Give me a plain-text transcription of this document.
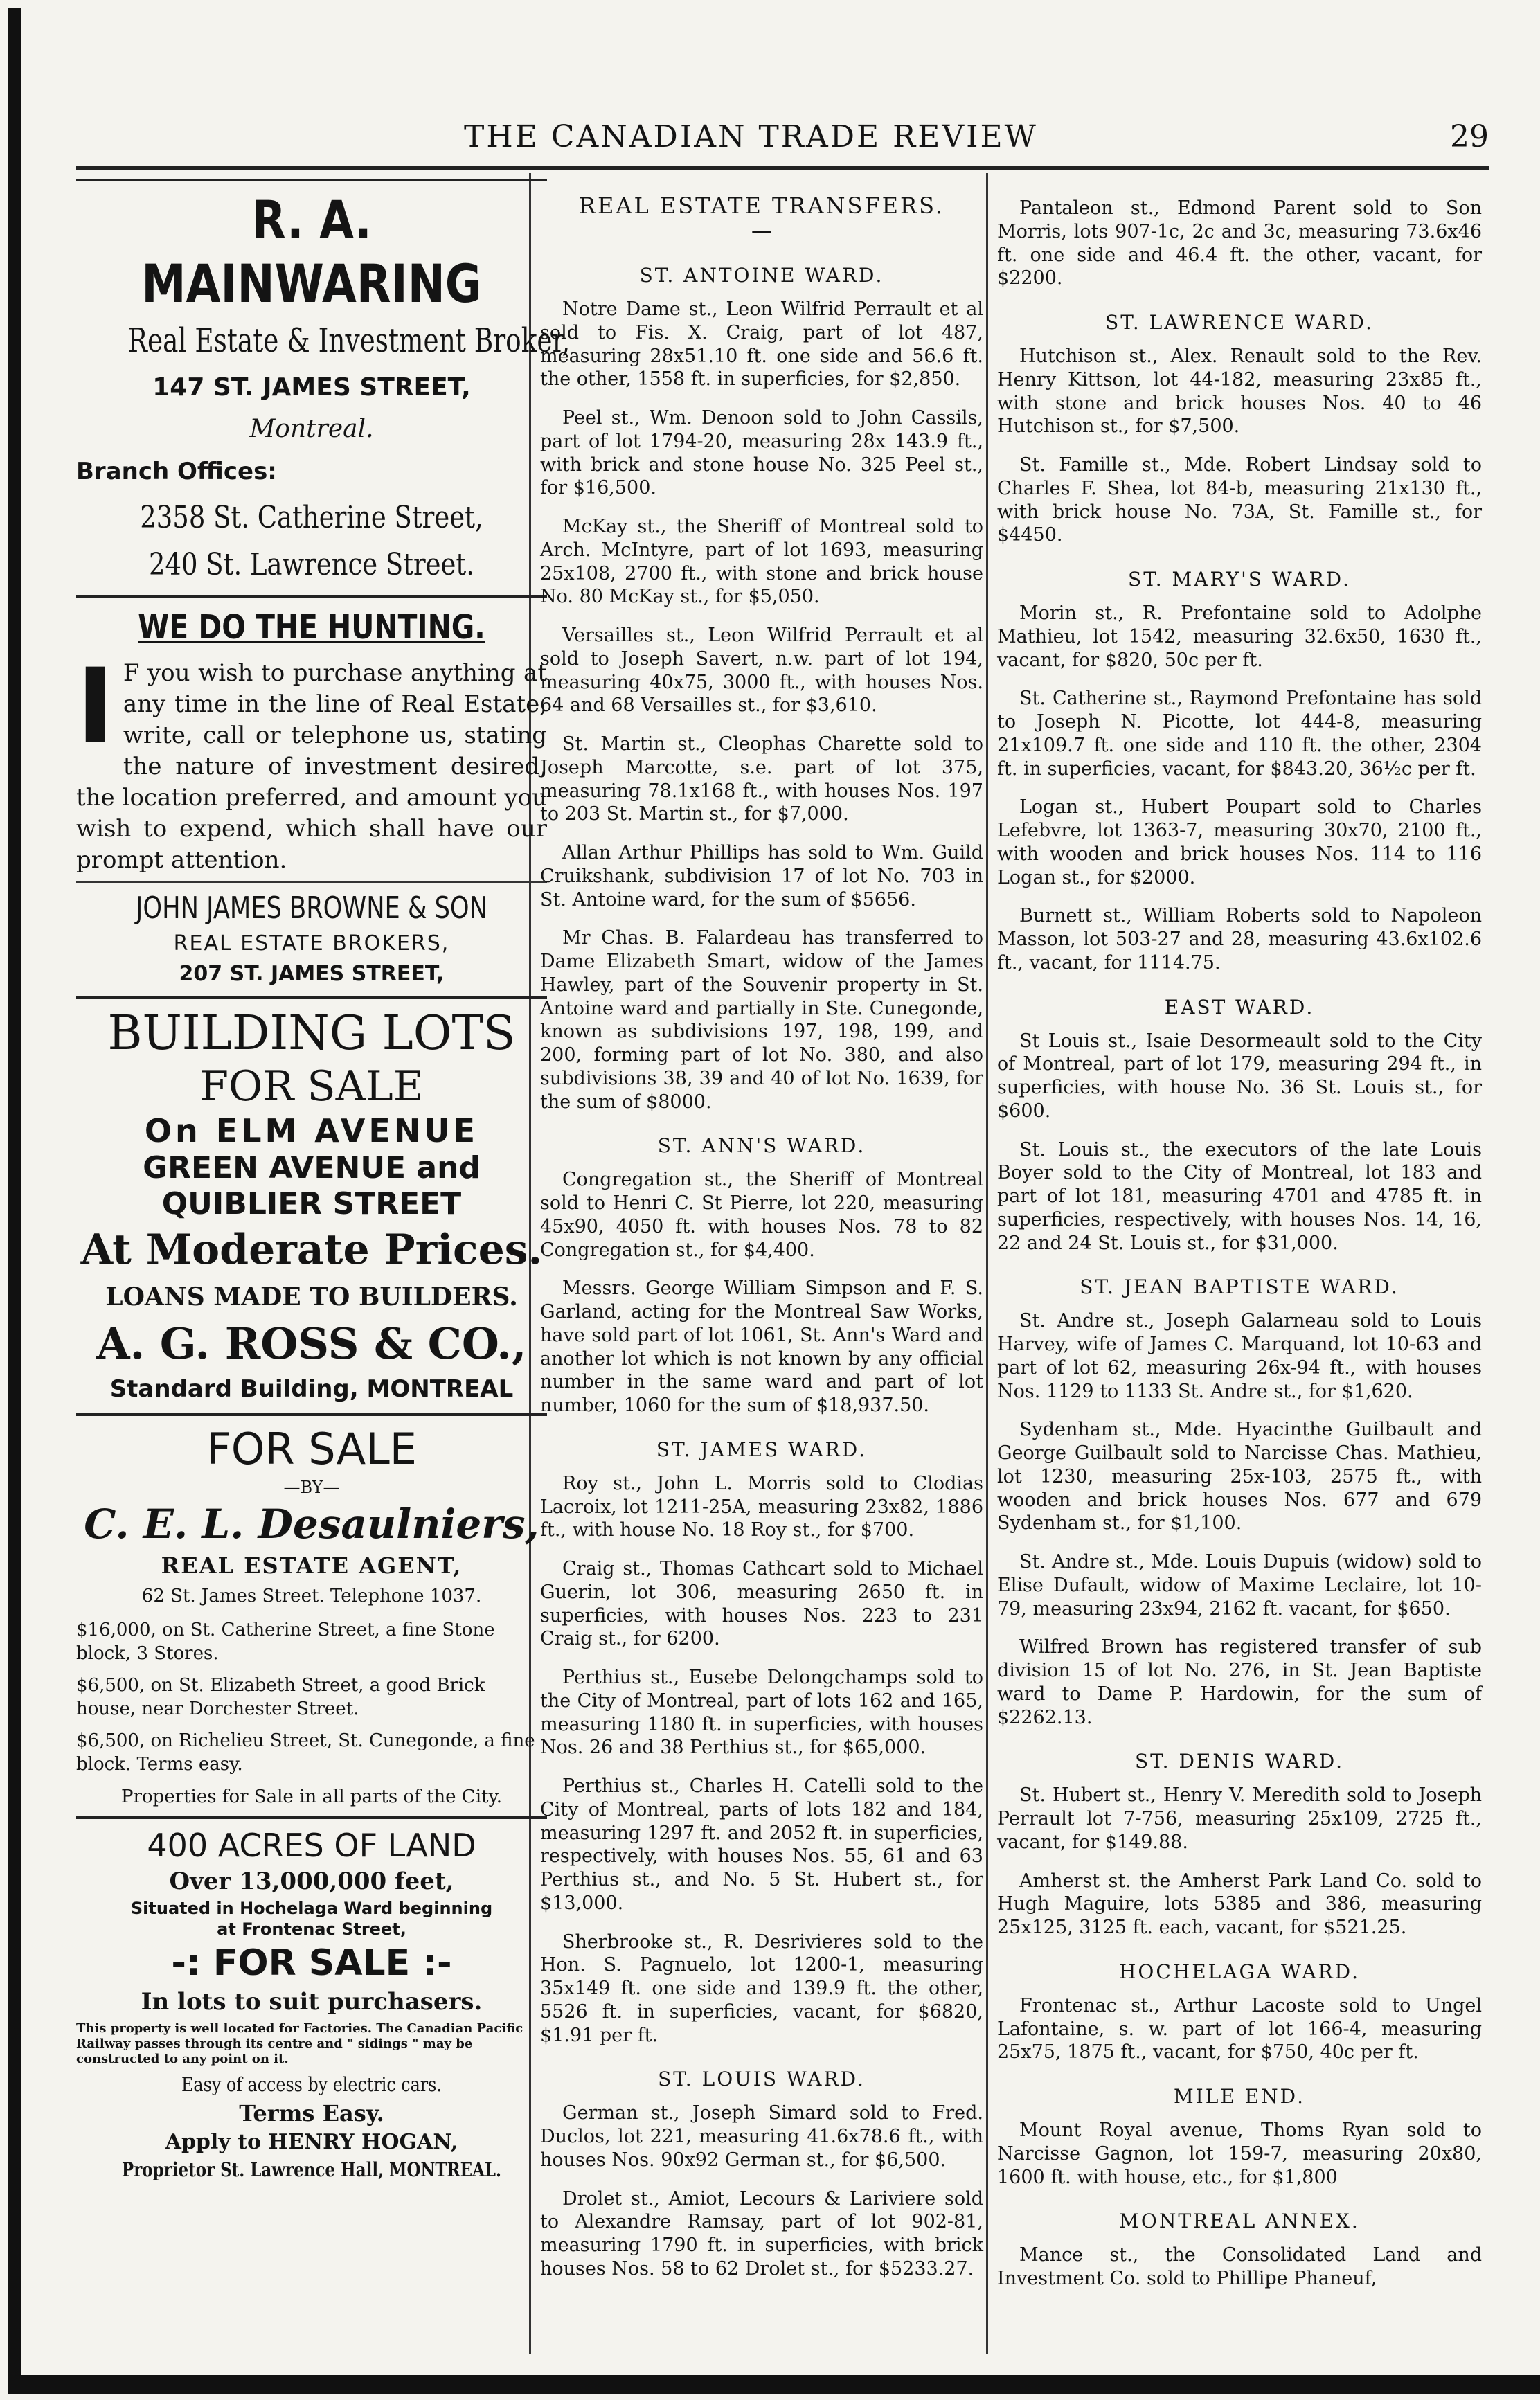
THE CANADIAN TRADE REVIEW	29
R. A. MAINWARING
Real Estate & Investment Broker,
147 ST. JAMES STREET,
Montreal.
Branch Offices:
2358 St. Catherine Street,
240 St. Lawrence Street.
WE DO THE HUNTING.
I F you wish to purchase anything at any time in the line of Real Estate, write, call or telephone us, stating the nature of investment desired, the location preferred, and amount you wish to expend, which shall have our prompt attention.
JOHN JAMES BROWNE & SON
REAL ESTATE BROKERS,
207 ST. JAMES STREET,
BUILDING LOTS
FOR SALE
On ELM AVENUE
GREEN AVENUE and
QUIBLIER STREET
At Moderate Prices.
LOANS MADE TO BUILDERS.
A. G. ROSS & CO.,
Standard Building, MONTREAL
FOR SALE
—BY—
C. E. L. Desaulniers,
REAL ESTATE AGENT,
62 St. James Street. Telephone 1037.
$16,000, on St. Catherine Street, a fine Stone block, 3 Stores.
$6,500, on St. Elizabeth Street, a good Brick house, near Dorchester Street.
$6,500, on Richelieu Street, St. Cunegonde, a fine block. Terms easy.
Properties for Sale in all parts of the City.
400 ACRES OF LAND
Over 13,000,000 feet,
Situated in Hochelaga Ward beginning
at Frontenac Street,
-: FOR SALE :-
In lots to suit purchasers.
This property is well located for Factories. The Canadian Pacific Railway passes through its centre and " sidings " may be constructed to any point on it.
Easy of access by electric cars.
Terms Easy.
Apply to HENRY HOGAN,
Proprietor St. Lawrence Hall, MONTREAL.
REAL ESTATE TRANSFERS.
—
ST. ANTOINE WARD.

Notre Dame st., Leon Wilfrid Perrault et al sold to Fis. X. Craig, part of lot 487, measuring 28x51.10 ft. one side and 56.6 ft. the other, 1558 ft. in superficies, for $2,850.

Peel st., Wm. Denoon sold to John Cassils, part of lot 1794-20, measuring 28x 143.9 ft., with brick and stone house No. 325 Peel st., for $16,500.

McKay st., the Sheriff of Montreal sold to Arch. McIntyre, part of lot 1693, measuring 25x108, 2700 ft., with stone and brick house No. 80 McKay st., for $5,050.

Versailles st., Leon Wilfrid Perrault et al sold to Joseph Savert, n.w. part of lot 194, measuring 40x75, 3000 ft., with houses Nos. 64 and 68 Versailles st., for $3,610.

St. Martin st., Cleophas Charette sold to Joseph Marcotte, s.e. part of lot 375, measuring 78.1x168 ft., with houses Nos. 197 to 203 St. Martin st., for $7,000.

Allan Arthur Phillips has sold to Wm. Guild Cruikshank, subdivision 17 of lot No. 703 in St. Antoine ward, for the sum of $5656.

Mr Chas. B. Falardeau has transferred to Dame Elizabeth Smart, widow of the James Hawley, part of the Souvenir property in St. Antoine ward and partially in Ste. Cunegonde, known as subdivisions 197, 198, 199, and 200, forming part of lot No. 380, and also subdivisions 38, 39 and 40 of lot No. 1639, for the sum of $8000.

ST. ANN'S WARD.

Congregation st., the Sheriff of Montreal sold to Henri C. St Pierre, lot 220, measuring 45x90, 4050 ft. with houses Nos. 78 to 82 Congregation st., for $4,400.

Messrs. George William Simpson and F. S. Garland, acting for the Montreal Saw Works, have sold part of lot 1061, St. Ann's Ward and another lot which is not known by any official number in the same ward and part of lot number, 1060 for the sum of $18,937.50.

ST. JAMES WARD.

Roy st., John L. Morris sold to Clodias Lacroix, lot 1211-25A, measuring 23x82, 1886 ft., with house No. 18 Roy st., for $700.

Craig st., Thomas Cathcart sold to Michael Guerin, lot 306, measuring 2650 ft. in superficies, with houses Nos. 223 to 231 Craig st., for 6200.

Perthius st., Eusebe Delongchamps sold to the City of Montreal, part of lots 162 and 165, measuring 1180 ft. in superficies, with houses Nos. 26 and 38 Perthius st., for $65,000.

Perthius st., Charles H. Catelli sold to the City of Montreal, parts of lots 182 and 184, measuring 1297 ft. and 2052 ft. in superficies, respectively, with houses Nos. 55, 61 and 63 Perthius st., and No. 5 St. Hubert st., for $13,000.

Sherbrooke st., R. Desrivieres sold to the Hon. S. Pagnuelo, lot 1200-1, measuring 35x149 ft. one side and 139.9 ft. the other, 5526 ft. in superficies, vacant, for $6820, $1.91 per ft.

ST. LOUIS WARD.

German st., Joseph Simard sold to Fred. Duclos, lot 221, measuring 41.6x78.6 ft., with houses Nos. 90x92 German st., for $6,500.

Drolet st., Amiot, Lecours & Lariviere sold to Alexandre Ramsay, part of lot 902-81, measuring 1790 ft. in superficies, with brick houses Nos. 58 to 62 Drolet st., for $5233.27.

Pantaleon st., Edmond Parent sold to Son Morris, lots 907-1c, 2c and 3c, measuring 73.6x46 ft. one side and 46.4 ft. the other, vacant, for $2200.

ST. LAWRENCE WARD.

Hutchison st., Alex. Renault sold to the Rev. Henry Kittson, lot 44-182, measuring 23x85 ft., with stone and brick houses Nos. 40 to 46 Hutchison st., for $7,500.

St. Famille st., Mde. Robert Lindsay sold to Charles F. Shea, lot 84-b, measuring 21x130 ft., with brick house No. 73A, St. Famille st., for $4450.

ST. MARY'S WARD.

Morin st., R. Prefontaine sold to Adolphe Mathieu, lot 1542, measuring 32.6x50, 1630 ft., vacant, for $820, 50c per ft.

St. Catherine st., Raymond Prefontaine has sold to Joseph N. Picotte, lot 444-8, measuring 21x109.7 ft. one side and 110 ft. the other, 2304 ft. in superficies, vacant, for $843.20, 36½c per ft.

Logan st., Hubert Poupart sold to Charles Lefebvre, lot 1363-7, measuring 30x70, 2100 ft., with wooden and brick houses Nos. 114 to 116 Logan st., for $2000.

Burnett st., William Roberts sold to Napoleon Masson, lot 503-27 and 28, measuring 43.6x102.6 ft., vacant, for 1114.75.

EAST WARD.

St Louis st., Isaie Desormeault sold to the City of Montreal, part of lot 179, measuring 294 ft., in superficies, with house No. 36 St. Louis st., for $600.

St. Louis st., the executors of the late Louis Boyer sold to the City of Montreal, lot 183 and part of lot 181, measuring 4701 and 4785 ft. in superficies, respectively, with houses Nos. 14, 16, 22 and 24 St. Louis st., for $31,000.

ST. JEAN BAPTISTE WARD.

St. Andre st., Joseph Galarneau sold to Louis Harvey, wife of James C. Marquand, lot 10-63 and part of lot 62, measuring 26x-94 ft., with houses Nos. 1129 to 1133 St. Andre st., for $1,620.

Sydenham st., Mde. Hyacinthe Guilbault and George Guilbault sold to Narcisse Chas. Mathieu, lot 1230, measuring 25x-103, 2575 ft., with wooden and brick houses Nos. 677 and 679 Sydenham st., for $1,100.

St. Andre st., Mde. Louis Dupuis (widow) sold to Elise Dufault, widow of Maxime Leclaire, lot 10-79, measuring 23x94, 2162 ft. vacant, for $650.

Wilfred Brown has registered transfer of sub division 15 of lot No. 276, in St. Jean Baptiste ward to Dame P. Hardowin, for the sum of $2262.13.

ST. DENIS WARD.

St. Hubert st., Henry V. Meredith sold to Joseph Perrault lot 7-756, measuring 25x109, 2725 ft., vacant, for $149.88.

Amherst st. the Amherst Park Land Co. sold to Hugh Maguire, lots 5385 and 386, measuring 25x125, 3125 ft. each, vacant, for $521.25.

HOCHELAGA WARD.

Frontenac st., Arthur Lacoste sold to Ungel Lafontaine, s. w. part of lot 166-4, measuring 25x75, 1875 ft., vacant, for $750, 40c per ft.

MILE END.

Mount Royal avenue, Thoms Ryan sold to Narcisse Gagnon, lot 159-7, measuring 20x80, 1600 ft. with house, etc., for $1,800

MONTREAL ANNEX.

Mance st., the Consolidated Land and Investment Co. sold to Phillipe Phaneuf,
